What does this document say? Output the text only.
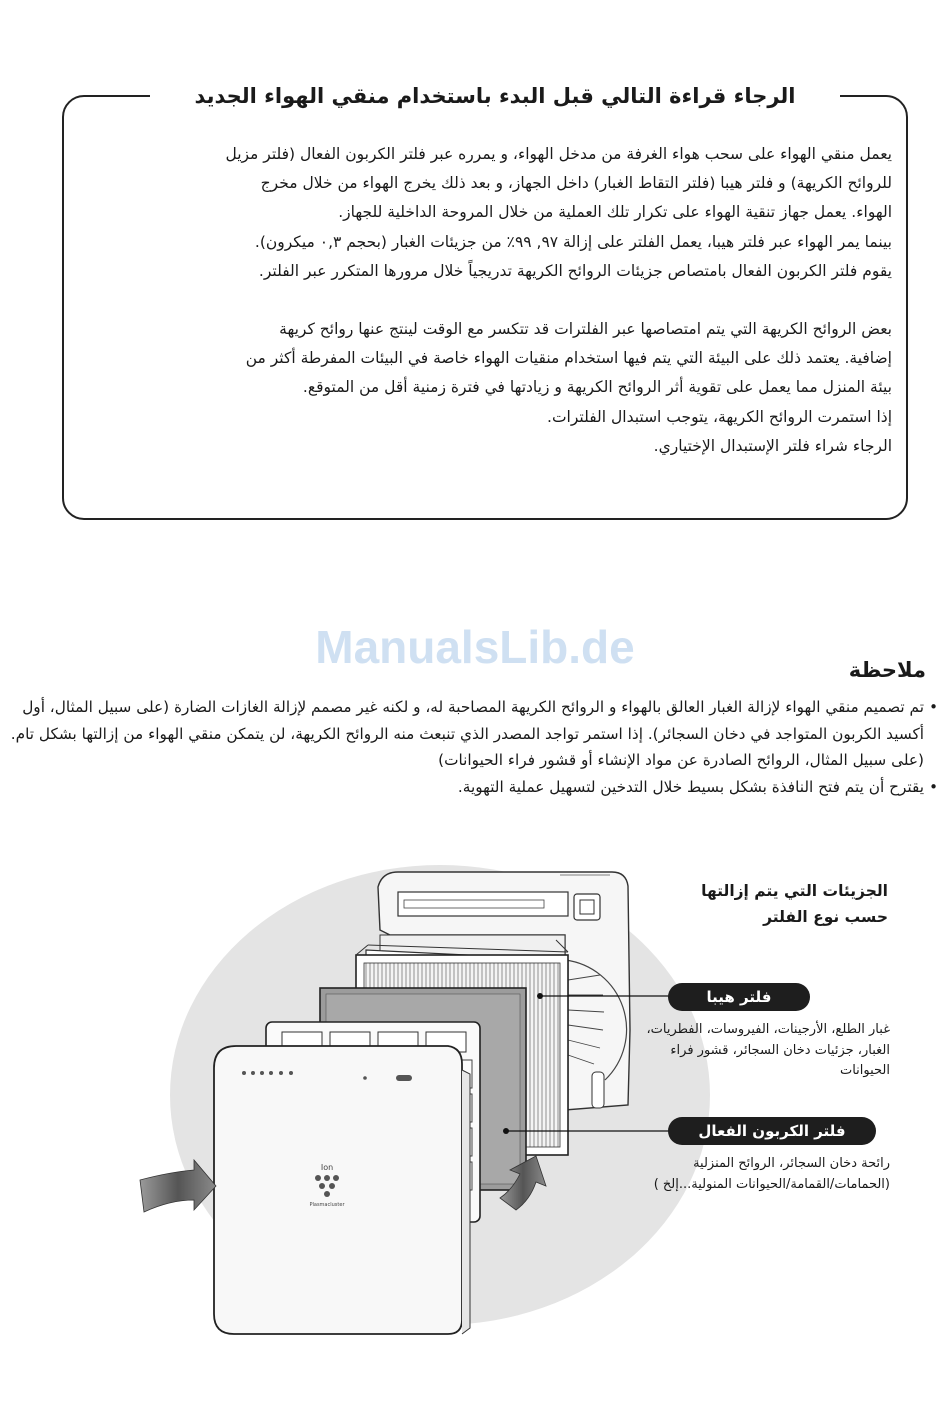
الرجاء قراءة التالي قبل البدء باستخدام منقي الهواء الجديد

يعمل منقي الهواء على سحب هواء الغرفة من مدخل الهواء، و يمرره عبر فلتر الكربون الفعال (فلتر مزيل

للروائح الكريهة) و فلتر هيبا (فلتر التقاط الغبار) داخل الجهاز، و بعد ذلك يخرج الهواء من خلال مخرج

الهواء. يعمل جهاز تنقية الهواء على تكرار تلك العملية من خلال المروحة الداخلية للجهاز.

بينما يمر الهواء عبر فلتر هيبا، يعمل الفلتر على إزالة ٩٧, ٩٩٪ من جزيئات الغبار (بحجم ٠,٣ ميكرون).

يقوم فلتر الكربون الفعال بامتصاص جزيئات الروائح الكريهة تدريجياً خلال مرورها المتكرر عبر الفلتر.

بعض الروائح الكريهة التي يتم امتصاصها عبر الفلترات قد تتكسر مع الوقت لينتج عنها روائح كريهة

إضافية. يعتمد ذلك على البيئة التي يتم فيها استخدام منقيات الهواء خاصة في البيئات المفرطة أكثر من

بيئة المنزل مما يعمل على تقوية أثر الروائح الكريهة و زيادتها في فترة زمنية أقل من المتوقع.

إذا استمرت الروائح الكريهة، يتوجب استبدال الفلترات.

الرجاء شراء فلتر الإستبدال الإختياري.

ManualsLib.de	ملاحظة
• تم تصميم منقي الهواء لإزالة الغبار العالق بالهواء و الروائح الكريهة المصاحبة له، و لكنه غير مصمم لإزالة الغازات الضارة (على سبيل المثال، أول أكسيد الكربون المتواجد في دخان السجائر). إذا استمر تواجد المصدر الذي تنبعث منه الروائح الكريهة، لن يتمكن منقي الهواء من إزالتها بشكل تام. (على سبيل المثال، الروائح الصادرة عن مواد الإنشاء أو قشور فراء الحيوانات)
• يقترح أن يتم فتح النافذة بشكل بسيط خلال التدخين لتسهيل عملية التهوية.
Ion
Plasmacluster
الجزيئات التي يتم إزالتها
حسب نوع الفلتر
فلتر هيبا
غبار الطلع، الأرجينات، الفيروسات، الفطريات، الغبار، جزئيات دخان السجائر، قشور فراء الحيوانات
فلتر الكربون الفعال
رائحة دخان السجائر، الروائح المنزلية (الحمامات/القمامة/الحيوانات المنولية...إلخ )
